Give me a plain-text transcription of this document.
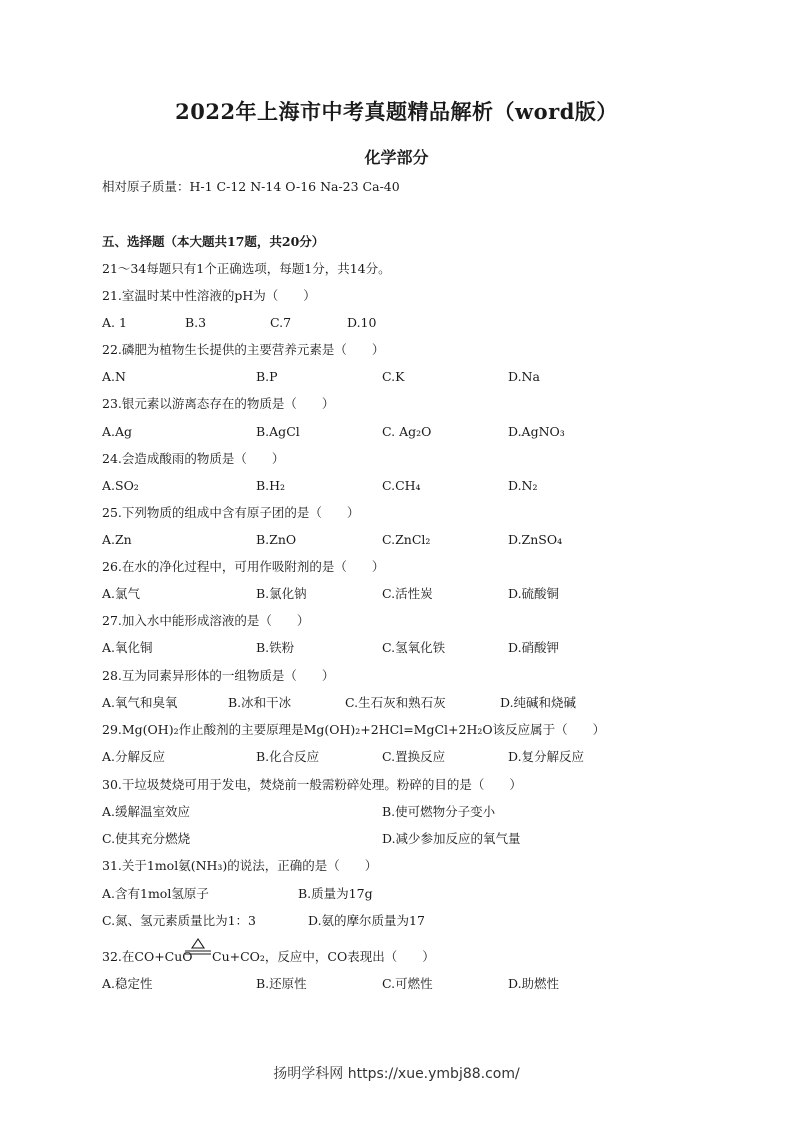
2022年上海市中考真题精品解析（word版）
化学部分
相对原子质量：H-1 C-12 N-14 O-16 Na-23 Ca-40
五、选择题（本大题共17题，共20分）
21～34每题只有1个正确选项，每题1分，共14分。
21.室温时某中性溶液的pH为（　　）
A. 1	B.3	C.7	D.10
22.磷肥为植物生长提供的主要营养元素是（　　）
A.N	B.P	C.K	D.Na
23.银元素以游离态存在的物质是（　　）
A.Ag	B.AgCl	C. Ag₂O	D.AgNO₃
24.会造成酸雨的物质是（　　）
A.SO₂	B.H₂	C.CH₄	D.N₂
25.下列物质的组成中含有原子团的是（　　）
A.Zn	B.ZnO	C.ZnCl₂	D.ZnSO₄
26.在水的净化过程中，可用作吸附剂的是（　　）
A.氯气	B.氯化钠	C.活性炭	D.硫酸铜
27.加入水中能形成溶液的是（　　）
A.氧化铜	B.铁粉	C.氢氧化铁	D.硝酸钾
28.互为同素异形体的一组物质是（　　）
A.氧气和臭氧	B.冰和干冰	C.生石灰和熟石灰	D.纯碱和烧碱
29.Mg(OH)₂作止酸剂的主要原理是Mg(OH)₂+2HCl=MgCl+2H₂O该反应属于（　　）
A.分解反应	B.化合反应	C.置换反应	D.复分解反应
30.干垃圾焚烧可用于发电，焚烧前一般需粉碎处理。粉碎的目的是（　　）
A.缓解温室效应	B.使可燃物分子变小
C.使其充分燃烧	D.减少参加反应的氧气量
31.关于1mol氨(NH₃)的说法，正确的是（　　）
A.含有1mol氢原子	B.质量为17g
C.氮、氢元素质量比为1：3	D.氨的摩尔质量为17
32.在CO+CuO Cu+CO₂，反应中，CO表现出（　　）
A.稳定性	B.还原性	C.可燃性	D.助燃性
扬明学科网 https://xue.ymbj88.com/
